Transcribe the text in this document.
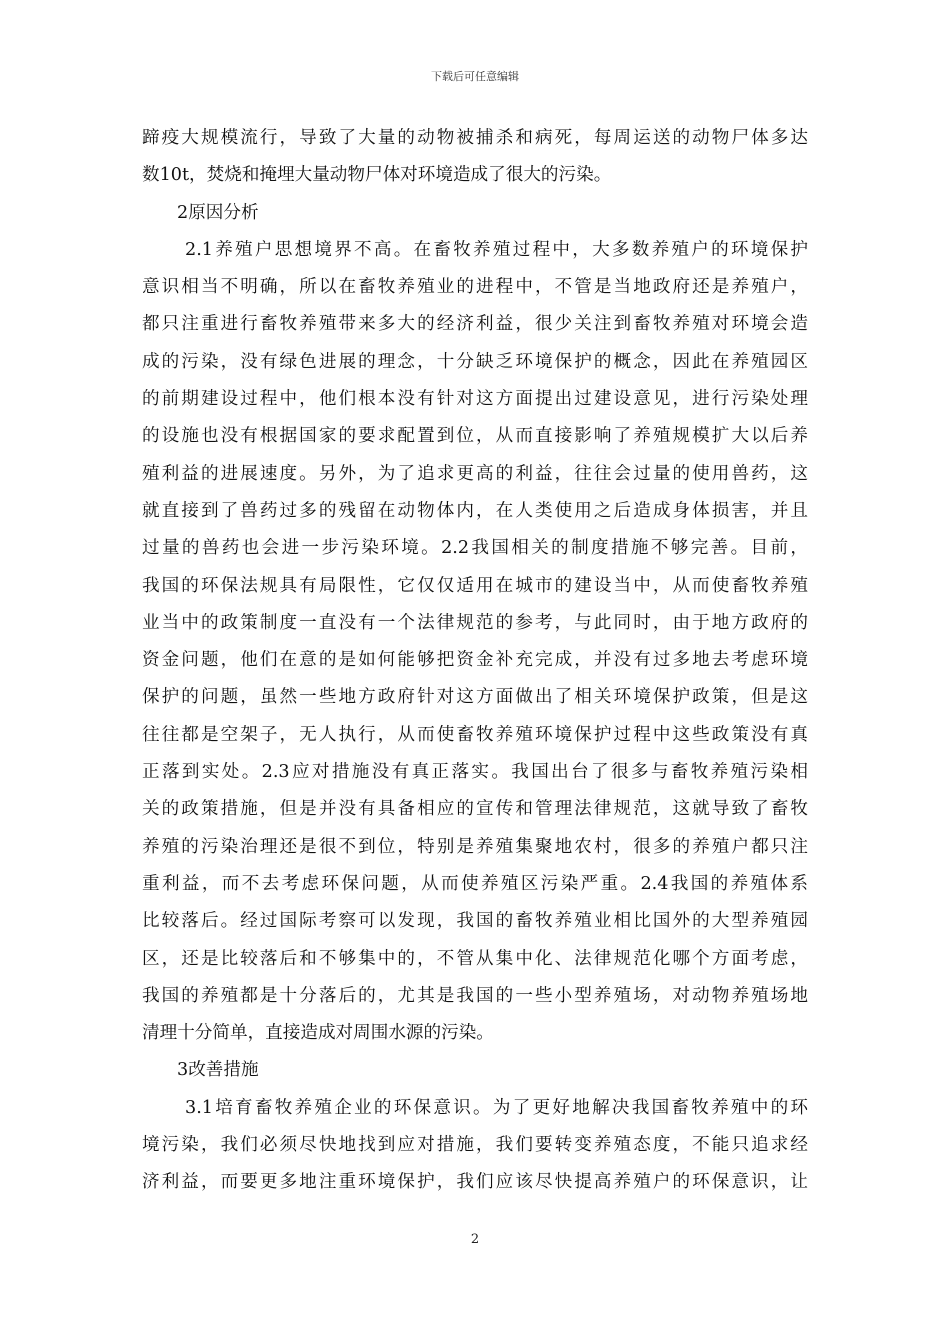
下载后可任意编辑
蹄疫大规模流行，导致了大量的动物被捕杀和病死，每周运送的动物尸体多达
数10t，焚烧和掩埋大量动物尸体对环境造成了很大的污染。
2原因分析
2.1养殖户思想境界不高。在畜牧养殖过程中，大多数养殖户的环境保护
意识相当不明确，所以在畜牧养殖业的进程中，不管是当地政府还是养殖户，
都只注重进行畜牧养殖带来多大的经济利益，很少关注到畜牧养殖对环境会造
成的污染，没有绿色进展的理念，十分缺乏环境保护的概念，因此在养殖园区
的前期建设过程中，他们根本没有针对这方面提出过建设意见，进行污染处理
的设施也没有根据国家的要求配置到位，从而直接影响了养殖规模扩大以后养
殖利益的进展速度。另外，为了追求更高的利益，往往会过量的使用兽药，这
就直接到了兽药过多的残留在动物体内，在人类使用之后造成身体损害，并且
过量的兽药也会进一步污染环境。2.2我国相关的制度措施不够完善。目前，
我国的环保法规具有局限性，它仅仅适用在城市的建设当中，从而使畜牧养殖
业当中的政策制度一直没有一个法律规范的参考，与此同时，由于地方政府的
资金问题，他们在意的是如何能够把资金补充完成，并没有过多地去考虑环境
保护的问题，虽然一些地方政府针对这方面做出了相关环境保护政策，但是这
往往都是空架子，无人执行，从而使畜牧养殖环境保护过程中这些政策没有真
正落到实处。2.3应对措施没有真正落实。我国出台了很多与畜牧养殖污染相
关的政策措施，但是并没有具备相应的宣传和管理法律规范，这就导致了畜牧
养殖的污染治理还是很不到位，特别是养殖集聚地农村，很多的养殖户都只注
重利益，而不去考虑环保问题，从而使养殖区污染严重。2.4我国的养殖体系
比较落后。经过国际考察可以发现，我国的畜牧养殖业相比国外的大型养殖园
区，还是比较落后和不够集中的，不管从集中化、法律规范化哪个方面考虑，
我国的养殖都是十分落后的，尤其是我国的一些小型养殖场，对动物养殖场地
清理十分简单，直接造成对周围水源的污染。
3改善措施
3.1培育畜牧养殖企业的环保意识。为了更好地解决我国畜牧养殖中的环
境污染，我们必须尽快地找到应对措施，我们要转变养殖态度，不能只追求经
济利益，而要更多地注重环境保护，我们应该尽快提高养殖户的环保意识，让
2
